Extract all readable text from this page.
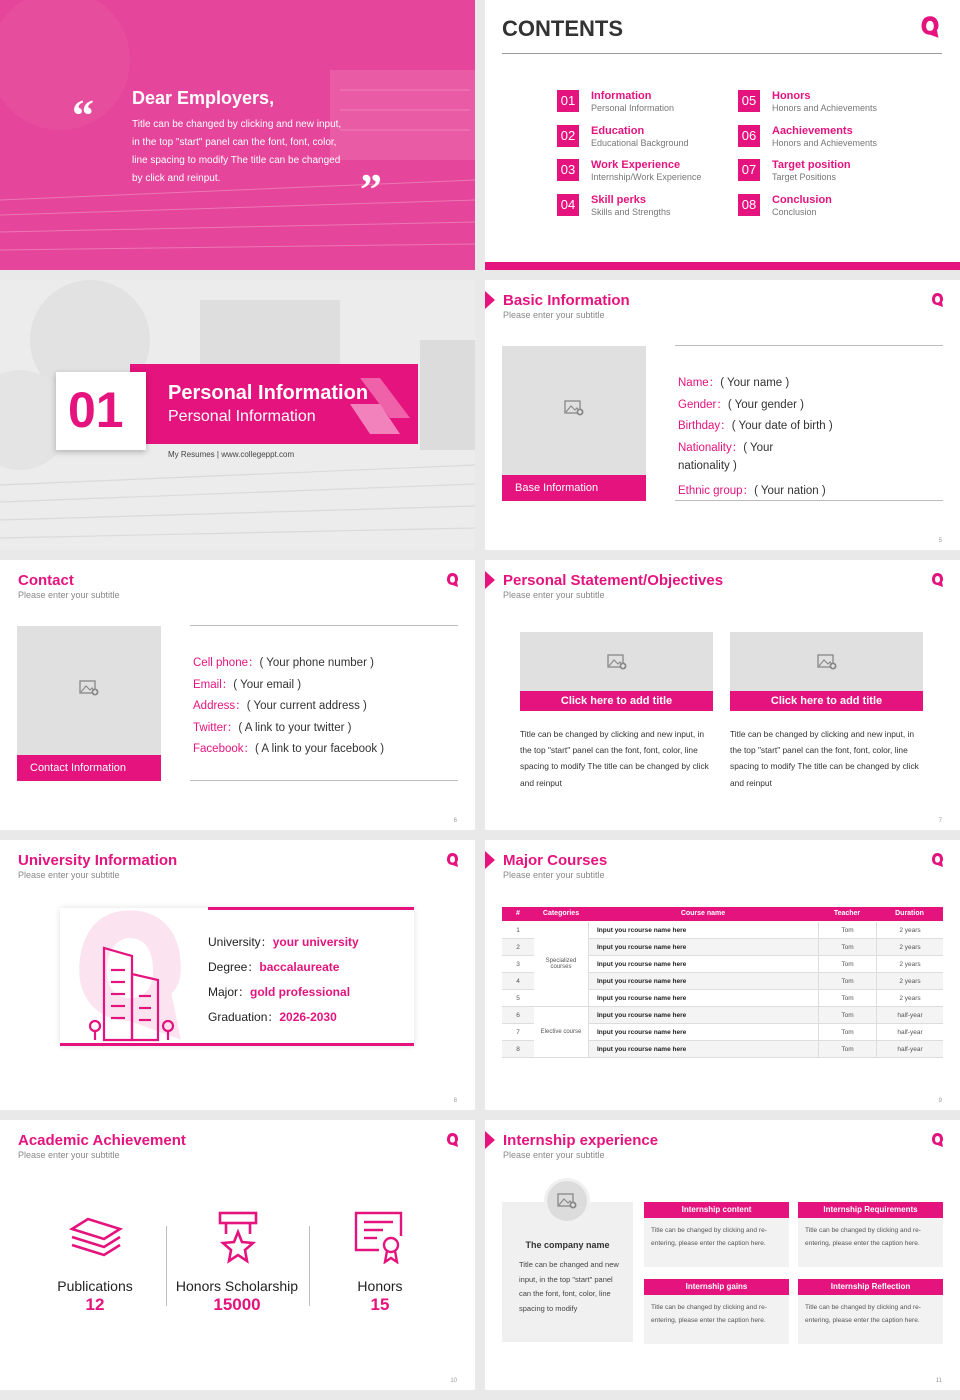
“
”
Dear Employers,
Title can be changed by clicking and new input, in the top "start" panel can the font, font, color, line spacing to modify The title can be changed by click and reinput.
CONTENTS
01	Information
Personal Information
02	Education
Educational Background
03	Work Experience
Internship/Work Experience
04	Skill perks
Skills and Strengths
05	Honors
Honors and Achievements
06	Aachievements
Honors and Achievements
07	Target position
Target Positions
08	Conclusion
Conclusion
01 Personal Information
Personal Information
My Resumes | www.collegeppt.com
Basic Information
Please enter your subtitle
Base Information
Name：( Your name )
Gender：( Your gender )
Birthday：( Your date of birth )
Nationality：( Your
nationality )
Ethnic group：( Your nation )
5
Contact
Please enter your subtitle
Contact Information
Cell phone：( Your phone number )
Email：( Your email )
Address：( Your current address )
Twitter：( A link to your twitter )
Facebook：( A link to your facebook )
6
Personal Statement/Objectives
Please enter your subtitle
Click here to add title
Title can be changed by clicking and new input, in the top "start" panel can the font, font, color, line spacing to modify The title can be changed by click and reinput
Click here to add title
Title can be changed by clicking and new input, in the top "start" panel can the font, font, color, line spacing to modify The title can be changed by click and reinput
7
University Information
Please enter your subtitle
University：your university
Degree：baccalaureate
Major：gold professional
Graduation：2026-2030
8
Major Courses
Please enter your subtitle
#	Categories	Course name	Teacher	Duration
Specialized courses
1	Input you rcourse name here	Tom	2 years
2	Input you rcourse name here	Tom	2 years
3	Input you rcourse name here	Tom	2 years
4	Input you rcourse name here	Tom	2 years
5	Input you rcourse name here	Tom	2 years
Elective course
6	Input you rcourse name here	Tom	half-year
7	Input you rcourse name here	Tom	half-year
8	Input you rcourse name here	Tom	half-year
9
Academic Achievement
Please enter your subtitle
Publications
12
Honors Scholarship
15000
Honors
15
10
Internship experience
Please enter your subtitle
The company name
Title can be changed and new input, in the top "start" panel can the font, font, color, line spacing to modify
Internship content
Title can be changed by clicking and re-entering, please enter the caption here.
Internship Requirements
Title can be changed by clicking and re-entering, please enter the caption here.
Internship gains
Title can be changed by clicking and re-entering, please enter the caption here.
Internship Reflection
Title can be changed by clicking and re-entering, please enter the caption here.
11
